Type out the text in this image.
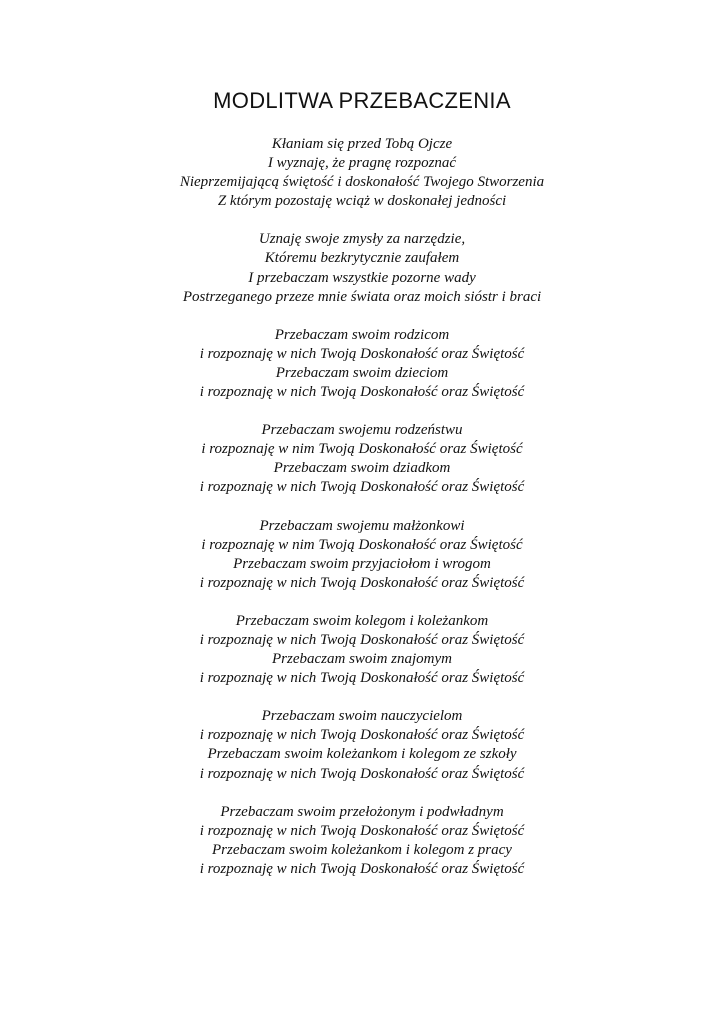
MODLITWA PRZEBACZENIA
Kłaniam się przed Tobą Ojcze
I wyznaję, że pragnę rozpoznać
Nieprzemijającą świętość i doskonałość Twojego Stworzenia
Z którym pozostaję wciąż w doskonałej jedności
Uznaję swoje zmysły za narzędzie,
Któremu bezkrytycznie zaufałem
I przebaczam wszystkie pozorne wady
Postrzeganego przeze mnie świata oraz moich sióstr i braci
Przebaczam swoim rodzicom
i rozpoznaję w nich Twoją Doskonałość oraz Świętość
Przebaczam swoim dzieciom
i rozpoznaję w nich Twoją Doskonałość oraz Świętość
Przebaczam swojemu rodzeństwu
i rozpoznaję w nim Twoją Doskonałość oraz Świętość
Przebaczam swoim dziadkom
i rozpoznaję w nich Twoją Doskonałość oraz Świętość
Przebaczam swojemu małżonkowi
i rozpoznaję w nim Twoją Doskonałość oraz Świętość
Przebaczam swoim przyjaciołom i wrogom
i rozpoznaję w nich Twoją Doskonałość oraz Świętość
Przebaczam swoim kolegom i koleżankom
i rozpoznaję w nich Twoją Doskonałość oraz Świętość
Przebaczam swoim znajomym
i rozpoznaję w nich Twoją Doskonałość oraz Świętość
Przebaczam swoim nauczycielom
i rozpoznaję w nich Twoją Doskonałość oraz Świętość
Przebaczam swoim koleżankom i kolegom ze szkoły
i rozpoznaję w nich Twoją Doskonałość oraz Świętość
Przebaczam swoim przełożonym i podwładnym
i rozpoznaję w nich Twoją Doskonałość oraz Świętość
Przebaczam swoim koleżankom i kolegom z pracy
i rozpoznaję w nich Twoją Doskonałość oraz Świętość
